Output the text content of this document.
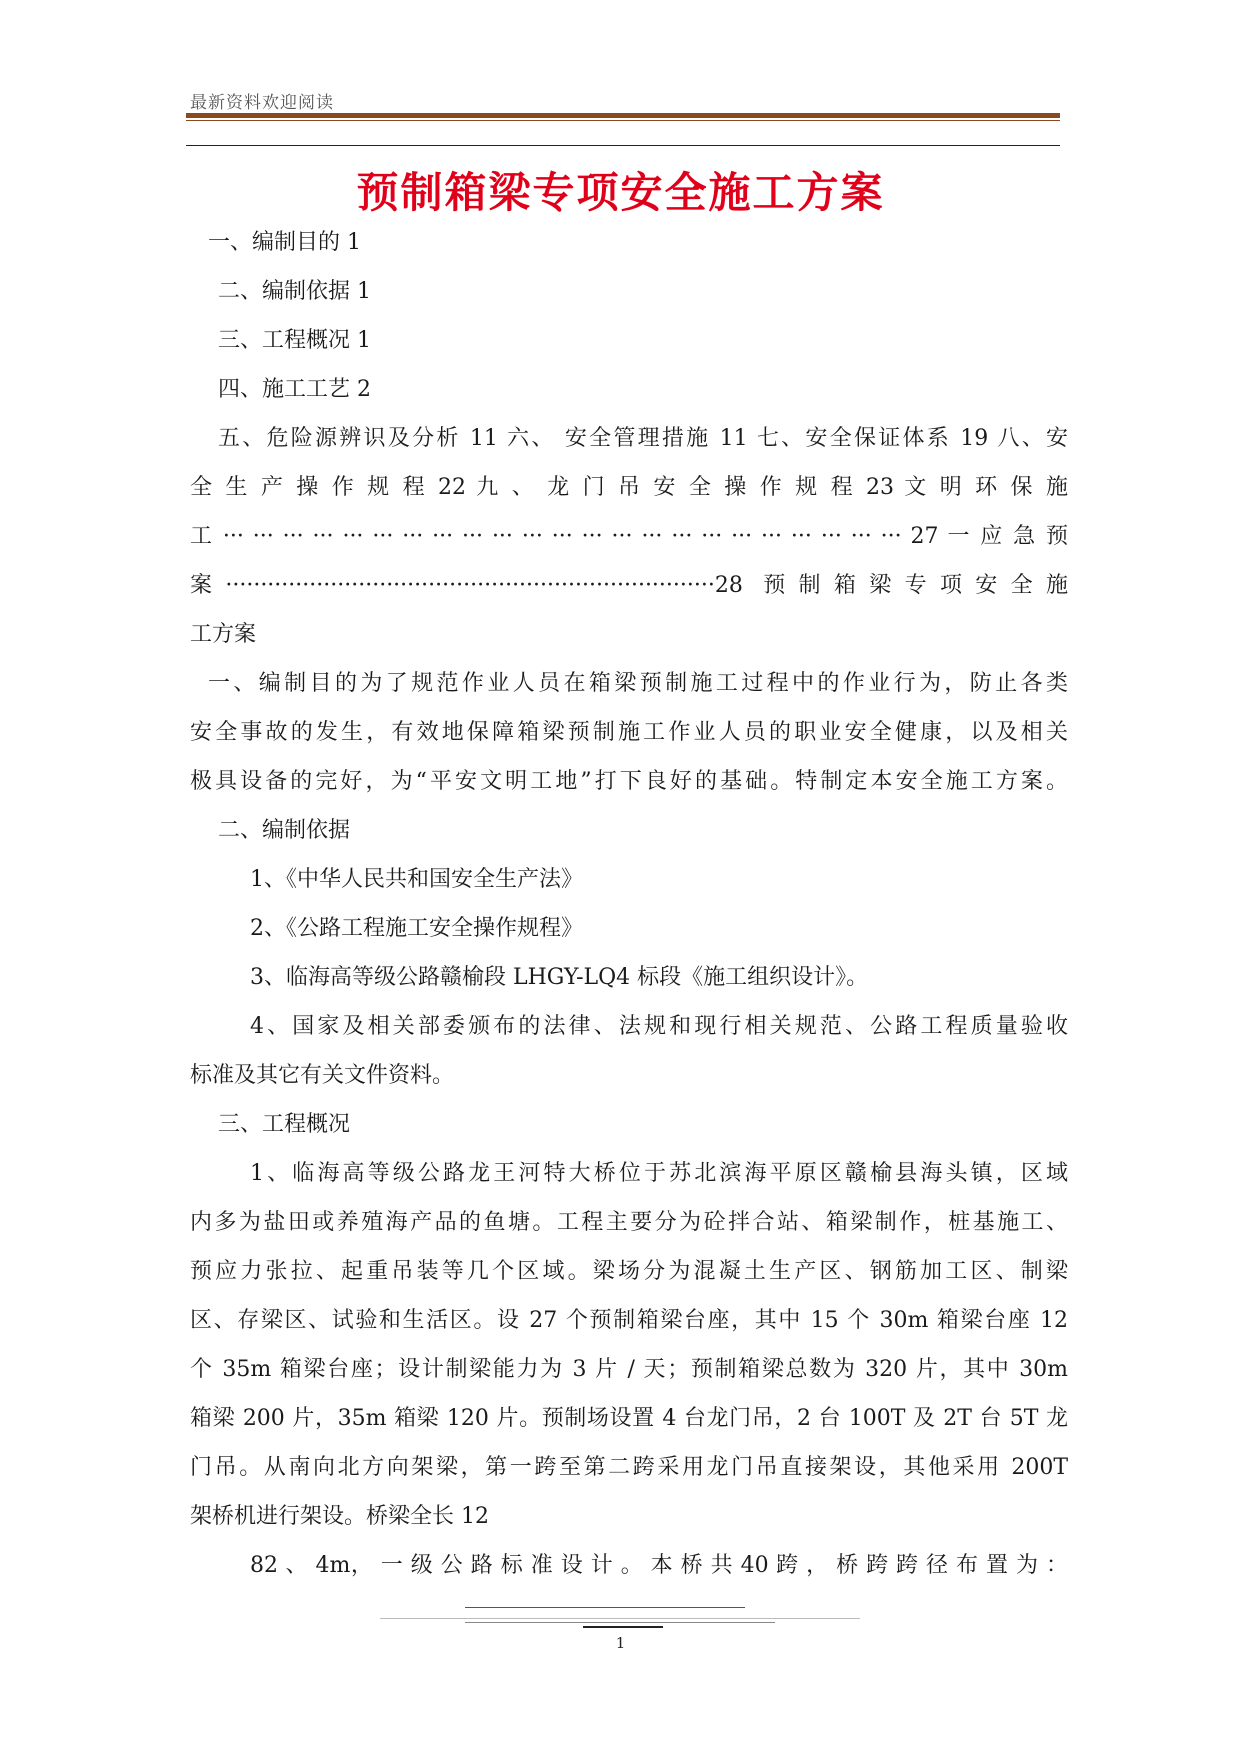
最新资料欢迎阅读
预制箱梁专项安全施工方案
一、编制目的 1
二、编制依据 1
三、工程概况 1
四、施工工艺 2
五、危险源辨识及分析 11 六、 安全管理措施 11 七、安全保证体系 19 八、安
全 生 产 操 作 规 程 22 九 、 龙 门 吊 安 全 操 作 规 程 23 文 明 环 保 施
工 ··· ··· ··· ··· ··· ··· ··· ··· ··· ··· ··· ··· ··· ··· ··· ··· ··· ··· ··· ··· ··· ··· ··· 27 一 应 急 预
案······································································28 预制箱梁专项安全施
工方案
一、编制目的为了规范作业人员在箱梁预制施工过程中的作业行为，防止各类
安全事故的发生，有效地保障箱梁预制施工作业人员的职业安全健康，以及相关
极具设备的完好，为“平安文明工地”打下良好的基础。特制定本安全施工方案。
二、编制依据
1、《中华人民共和国安全生产法》
2、《公路工程施工安全操作规程》
3、临海高等级公路赣榆段 LHGY-LQ4 标段《施工组织设计》。
4、国家及相关部委颁布的法律、法规和现行相关规范、公路工程质量验收
标准及其它有关文件资料。
三、工程概况
1、临海高等级公路龙王河特大桥位于苏北滨海平原区赣榆县海头镇，区域
内多为盐田或养殖海产品的鱼塘。工程主要分为砼拌合站、箱梁制作，桩基施工、
预应力张拉、起重吊装等几个区域。梁场分为混凝土生产区、钢筋加工区、制梁
区、存梁区、试验和生活区。设 27 个预制箱梁台座，其中 15 个 30m 箱梁台座 12
个 35m 箱梁台座；设计制梁能力为 3 片 / 天；预制箱梁总数为 320 片，其中 30m
箱梁 200 片，35m 箱梁 120 片。预制场设置 4 台龙门吊，2 台 100T 及 2T 台 5T 龙
门吊。从南向北方向架梁，第一跨至第二跨采用龙门吊直接架设，其他采用 200T
架桥机进行架设。桥梁全长 12
82 、 4m， 一 级 公 路 标 准 设 计 。 本 桥 共 40 跨 ， 桥 跨 跨 径 布 置 为 ：
1
